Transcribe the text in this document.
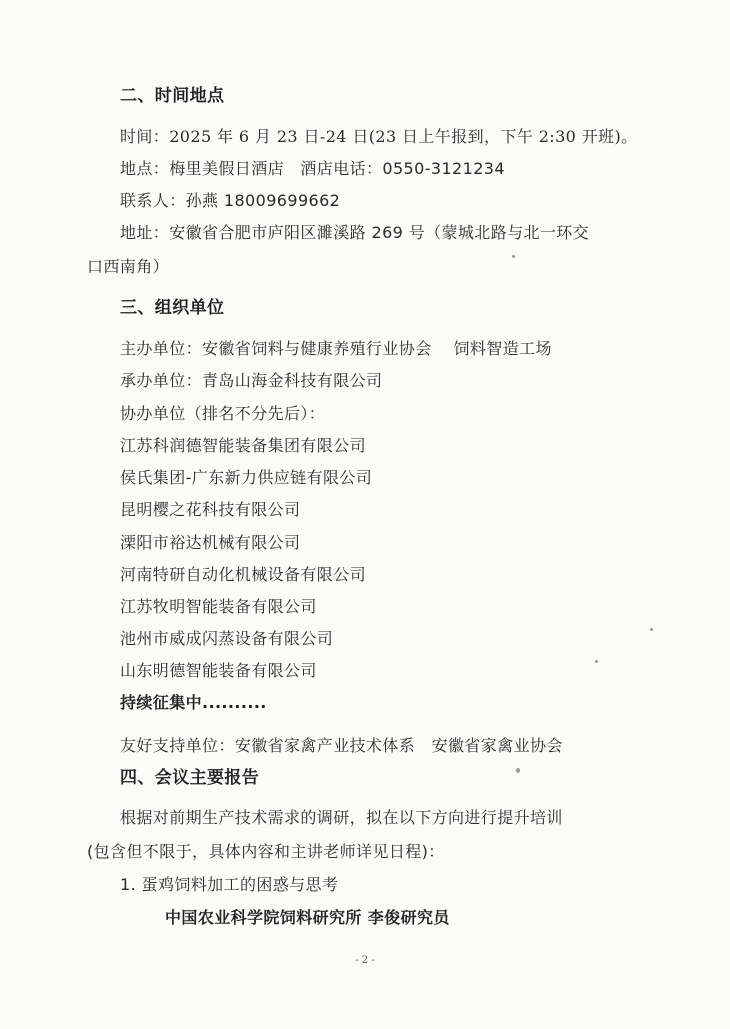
二、时间地点
时间：2025 年 6 月 23 日-24 日(23 日上午报到，下午 2:30 开班)。
地点：梅里美假日酒店　酒店电话：0550-3121234
联系人：孙燕 18009699662
地址：安徽省合肥市庐阳区濉溪路 269 号（蒙城北路与北一环交
口西南角）
三、组织单位
主办单位：安徽省饲料与健康养殖行业协会　 饲料智造工场
承办单位：青岛山海金科技有限公司
协办单位（排名不分先后）：
江苏科润德智能装备集团有限公司
侯氏集团-广东新力供应链有限公司
昆明樱之花科技有限公司
溧阳市裕达机械有限公司
河南特研自动化机械设备有限公司
江苏牧明智能装备有限公司
池州市威成闪蒸设备有限公司
山东明德智能装备有限公司
持续征集中..........
友好支持单位：安徽省家禽产业技术体系　安徽省家禽业协会
四、会议主要报告
根据对前期生产技术需求的调研，拟在以下方向进行提升培训
(包含但不限于，具体内容和主讲老师详见日程)：
1. 蛋鸡饲料加工的困惑与思考
中国农业科学院饲料研究所 李俊研究员
- 2 -
